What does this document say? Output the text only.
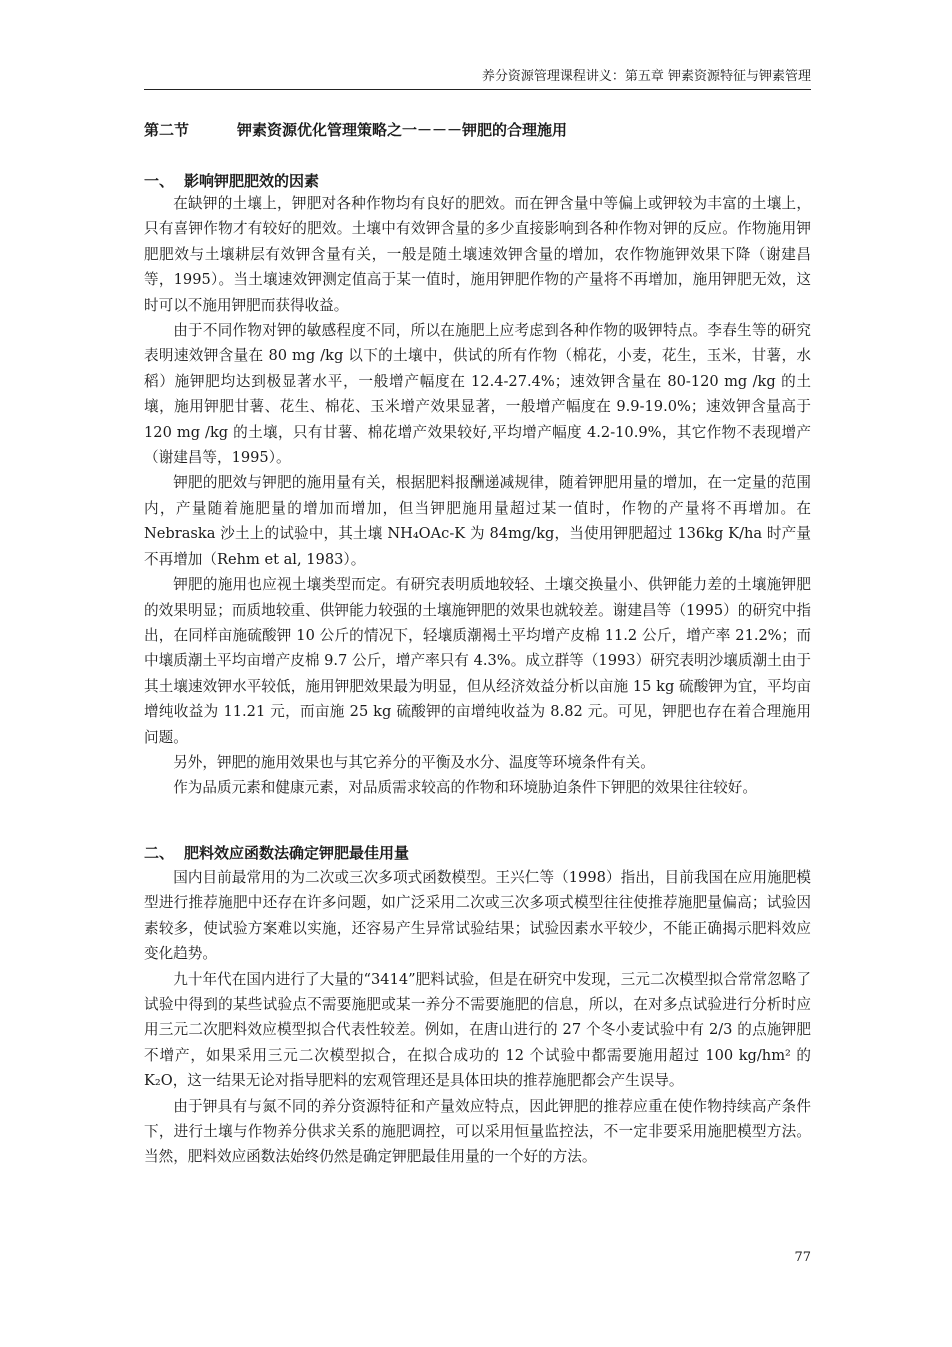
养分资源管理课程讲义：第五章 钾素资源特征与钾素管理
第二节	钾素资源优化管理策略之一－－－钾肥的合理施用
一、 影响钾肥肥效的因素

在缺钾的土壤上，钾肥对各种作物均有良好的肥效。而在钾含量中等偏上或钾较为丰富的土壤上，只有喜钾作物才有较好的肥效。土壤中有效钾含量的多少直接影响到各种作物对钾的反应。作物施用钾肥肥效与土壤耕层有效钾含量有关，一般是随土壤速效钾含量的增加，农作物施钾效果下降（谢建昌等，1995）。当土壤速效钾测定值高于某一值时，施用钾肥作物的产量将不再增加，施用钾肥无效，这时可以不施用钾肥而获得收益。

由于不同作物对钾的敏感程度不同，所以在施肥上应考虑到各种作物的吸钾特点。李春生等的研究表明速效钾含量在 80 mg /kg 以下的土壤中，供试的所有作物（棉花，小麦，花生，玉米，甘薯，水稻）施钾肥均达到极显著水平，一般增产幅度在 12.4-27.4%；速效钾含量在 80-120 mg /kg 的土壤，施用钾肥甘薯、花生、棉花、玉米增产效果显著，一般增产幅度在 9.9-19.0%；速效钾含量高于 120 mg /kg 的土壤，只有甘薯、棉花增产效果较好,平均增产幅度 4.2-10.9%，其它作物不表现增产（谢建昌等，1995）。

钾肥的肥效与钾肥的施用量有关，根据肥料报酬递减规律，随着钾肥用量的增加，在一定量的范围内，产量随着施肥量的增加而增加，但当钾肥施用量超过某一值时，作物的产量将不再增加。在 Nebraska 沙土上的试验中，其土壤 NH₄OAc-K 为 84mg/kg，当使用钾肥超过 136kg K/ha 时产量不再增加（Rehm et al, 1983）。

钾肥的施用也应视土壤类型而定。有研究表明质地较轻、土壤交换量小、供钾能力差的土壤施钾肥的效果明显；而质地较重、供钾能力较强的土壤施钾肥的效果也就较差。谢建昌等（1995）的研究中指出，在同样亩施硫酸钾 10 公斤的情况下，轻壤质潮褐土平均增产皮棉 11.2 公斤，增产率 21.2%；而中壤质潮土平均亩增产皮棉 9.7 公斤，增产率只有 4.3%。成立群等（1993）研究表明沙壤质潮土由于其土壤速效钾水平较低，施用钾肥效果最为明显，但从经济效益分析以亩施 15 kg 硫酸钾为宜，平均亩增纯收益为 11.21 元，而亩施 25 kg 硫酸钾的亩增纯收益为 8.82 元。可见，钾肥也存在着合理施用问题。

另外，钾肥的施用效果也与其它养分的平衡及水分、温度等环境条件有关。

作为品质元素和健康元素，对品质需求较高的作物和环境胁迫条件下钾肥的效果往往较好。

二、 肥料效应函数法确定钾肥最佳用量

国内目前最常用的为二次或三次多项式函数模型。王兴仁等（1998）指出，目前我国在应用施肥模型进行推荐施肥中还存在许多问题，如广泛采用二次或三次多项式模型往往使推荐施肥量偏高；试验因素较多，使试验方案难以实施，还容易产生异常试验结果；试验因素水平较少，不能正确揭示肥料效应变化趋势。

九十年代在国内进行了大量的“3414”肥料试验，但是在研究中发现，三元二次模型拟合常常忽略了试验中得到的某些试验点不需要施肥或某一养分不需要施肥的信息，所以，在对多点试验进行分析时应用三元二次肥料效应模型拟合代表性较差。例如，在唐山进行的 27 个冬小麦试验中有 2/3 的点施钾肥不增产，如果采用三元二次模型拟合，在拟合成功的 12 个试验中都需要施用超过 100 kg/hm² 的 K₂O，这一结果无论对指导肥料的宏观管理还是具体田块的推荐施肥都会产生误导。

由于钾具有与氮不同的养分资源特征和产量效应特点，因此钾肥的推荐应重在使作物持续高产条件下，进行土壤与作物养分供求关系的施肥调控，可以采用恒量监控法，不一定非要采用施肥模型方法。当然，肥料效应函数法始终仍然是确定钾肥最佳用量的一个好的方法。

77
